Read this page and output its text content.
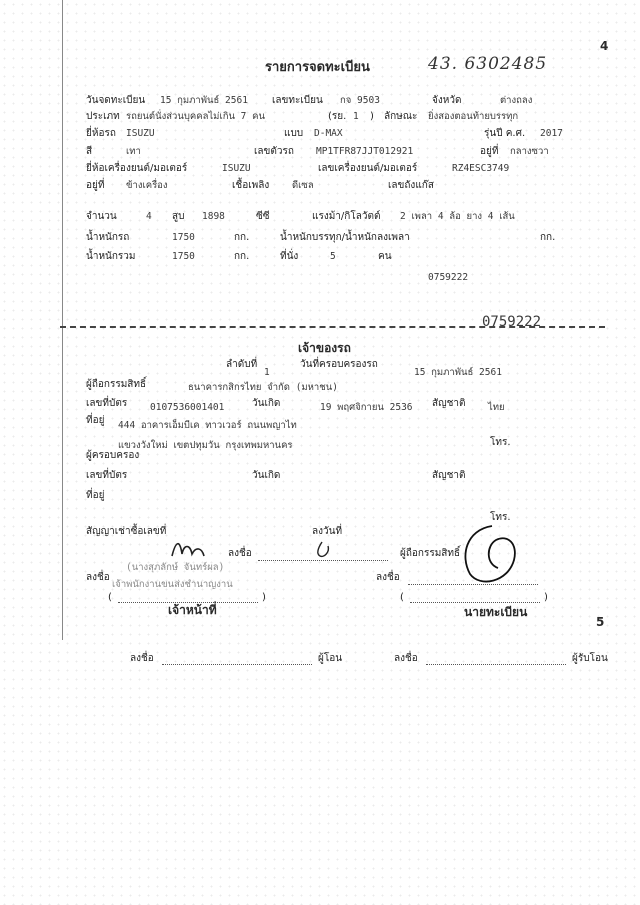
4
43. 6302485
รายการจดทะเบียน
วันจดทะเบียน 15 กุมภาพันธ์ 2561 เลขทะเบียน กจ 9503	จังหวัด	ต่างถลง
ประเภท รถยนต์นั่งส่วนบุคคลไม่เกิน 7 คน	(รย. 1 ) ลักษณะ ยิ่งสองตอนท้ายบรรทุก
ยี่ห้อรถ ISUZU	แบบ D-MAX	รุ่นปี ค.ศ. 2017
สี	เทา	เลขตัวรถ MP1TFR87JJT012921	อยู่ที่ กลางซวา
ยี่ห้อเครื่องยนต์/มอเตอร์	ISUZU	เลขเครื่องยนต์/มอเตอร์	RZ4ESC3749
อยู่ที่ ข้างเครื่อง	เชื้อเพลิง ดีเซล	เลขถังแก๊ส
จำนวน	4 สูบ 1898	ซีซี	แรงม้า/กิโลวัตต์ 2 เพลา 4 ล้อ ยาง 4 เส้น
น้ำหนักรถ	1750	กก.	น้ำหนักบรรทุก/น้ำหนักลงเพลา	กก.
น้ำหนักรวม	1750	กก.	ที่นั่ง	5	คน
0759222
0759222
เจ้าของรถ
ลำดับที่
1
วันที่ครอบครองรถ
15 กุมภาพันธ์ 2561
ผู้ถือกรรมสิทธิ์	ธนาคารกสิกรไทย จำกัด (มหาชน)
เลขที่บัตร 0107536001401	วันเกิด	19 พฤศจิกายน 2536 สัญชาติ ไทย
ที่อยู่ 444 อาคารเอ็มบีเค ทาวเวอร์ ถนนพญาไท
แขวงวังใหม่ เขตปทุมวัน กรุงเทพมหานคร	โทร.
ผู้ครอบครอง
เลขที่บัตร	วันเกิด	สัญชาติ
ที่อยู่
โทร.
สัญญาเช่าซื้อเลขที่	ลงวันที่
ลงชื่อ	ผู้ถือกรรมสิทธิ์
ลงชื่อ
(นางสุภลักษ์ จันทร์ผล)
เจ้าพนักงานขนส่งชำนาญงาน
(	)
เจ้าหน้าที่
ลงชื่อ
(	)
นายทะเบียน
5
ลงชื่อ	ผู้โอน	ลงชื่อ	ผู้รับโอน
